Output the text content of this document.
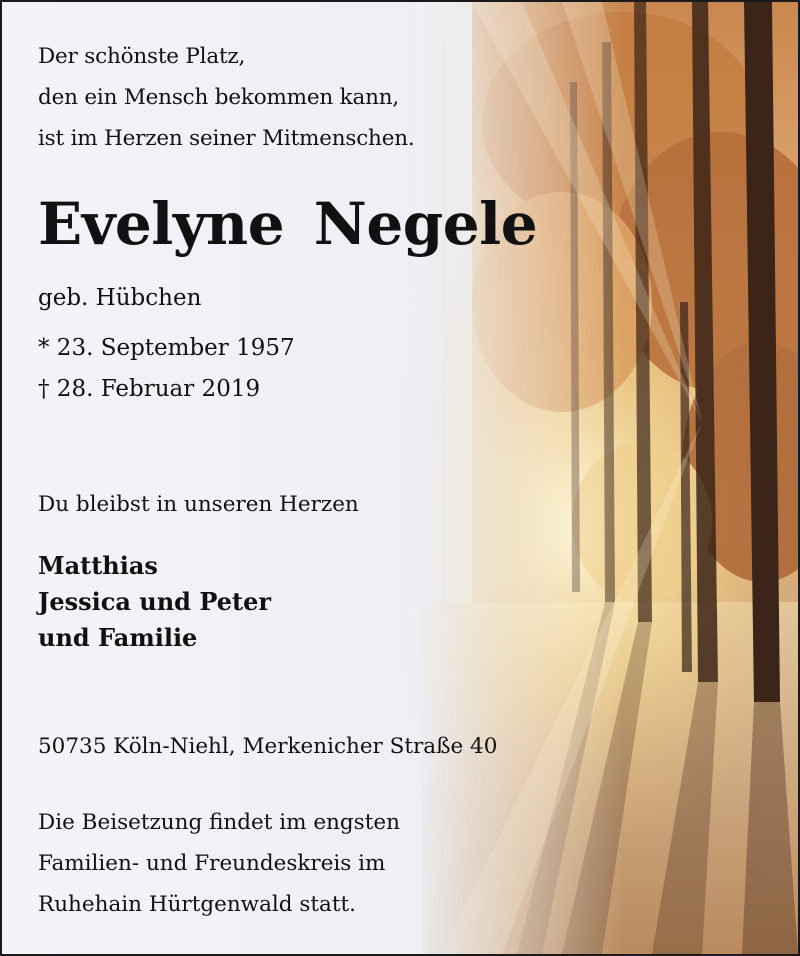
Der schönste Platz,
den ein Mensch bekommen kann,
ist im Herzen seiner Mitmenschen.
Evelyne Negele
geb. Hübchen
* 23. September 1957
† 28. Februar 2019
Du bleibst in unseren Herzen
Matthias
Jessica und Peter
und Familie
50735 Köln-Niehl, Merkenicher Straße 40
Die Beisetzung findet im engsten
Familien- und Freundeskreis im
Ruhehain Hürtgenwald statt.
